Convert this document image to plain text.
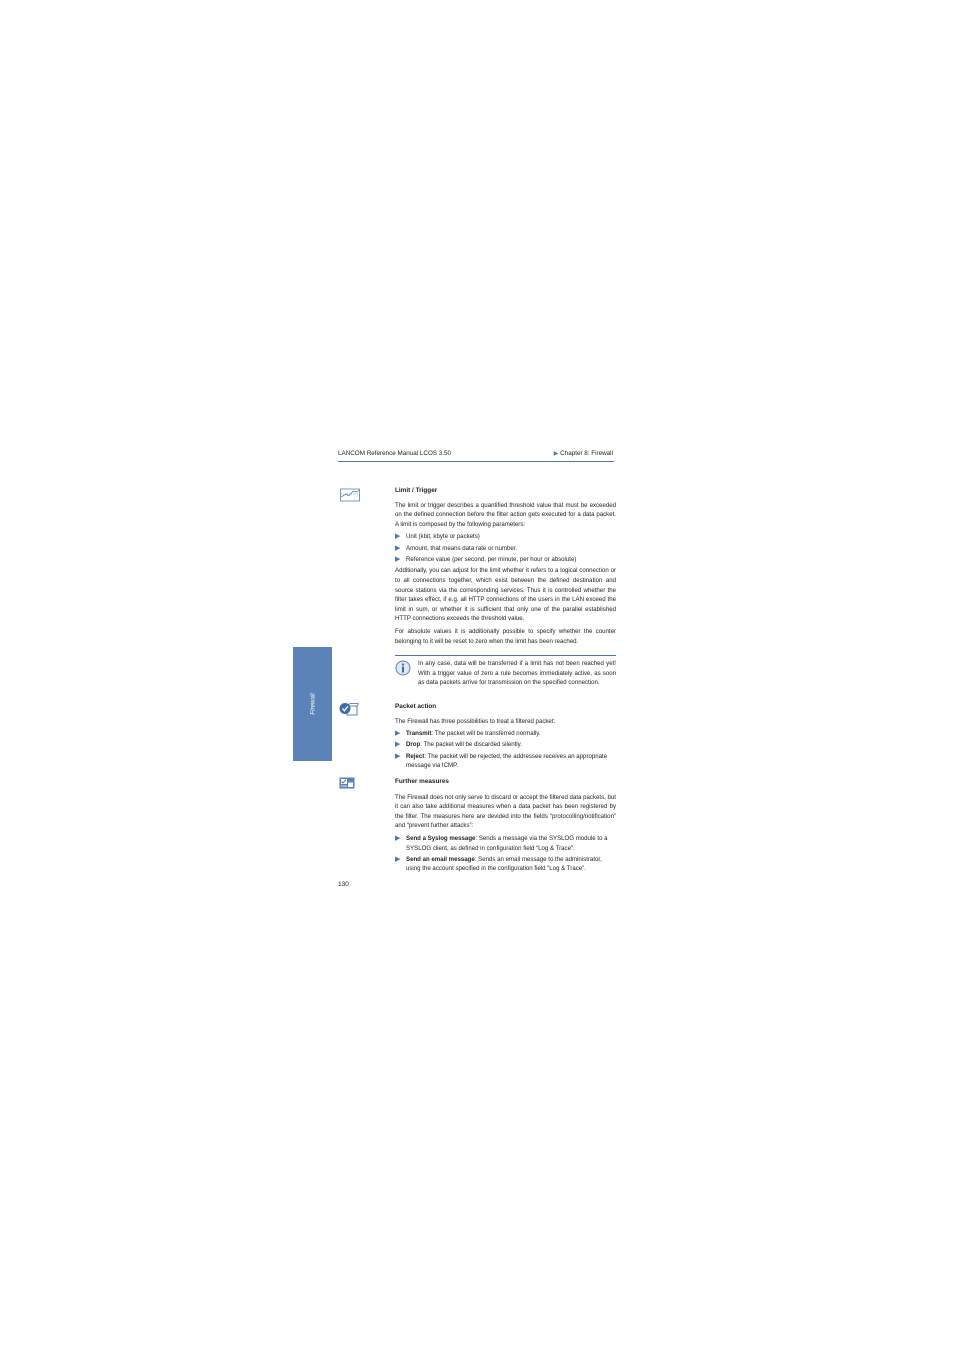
LANCOM Reference Manual LCOS 3.50	▶ Chapter 8: Firewall
Firewall
Limit / Trigger

The limit or trigger describes a quantified threshold value that must be exceeded on the defined connection before the filter action gets executed for a data packet. A limit is composed by the following parameters:

▶ Unit (kbit, kbyte or packets)
▶ Amount, that means data rate or number.
▶ Reference value (per second, per minute, per hour or absolute)

Additionally, you can adjust for the limit whether it refers to a logical connection or to all connections together, which exist between the defined destination and source stations via the corresponding services. Thus it is controlled whether the filter takes effect, if e.g. all HTTP connections of the users in the LAN exceed the limit in sum, or whether it is sufficient that only one of the parallel established HTTP connections exceeds the threshold value.

For absolute values it is additionally possible to specify whether the counter belonging to it will be reset to zero when the limit has been reached.

In any case, data will be transferred if a limit has not been reached yet! With a trigger value of zero a rule becomes immediately active, as soon as data packets arrive for transmission on the specified connection.

Packet action

The Firewall has three possibilities to treat a filtered packet:

▶ Transmit: The packet will be transferred normally.
▶ Drop: The packet will be discarded silently.
▶ Reject: The packet will be rejected, the addressee receives an appropriate message via ICMP.
Further measures

The Firewall does not only serve to discard or accept the filtered data packets, but it can also take additional measures when a data packet has been registered by the filter. The measures here are devided into the fields “protocolling/notification” and “prevent further attacks”:

▶ Send a Syslog message: Sends a message via the SYSLOG module to a SYSLOG client, as defined in configuration field “Log & Trace”.
▶ Send an email message: Sends an email message to the administrator, using the account specified in the configuration field “Log & Trace”.
130
